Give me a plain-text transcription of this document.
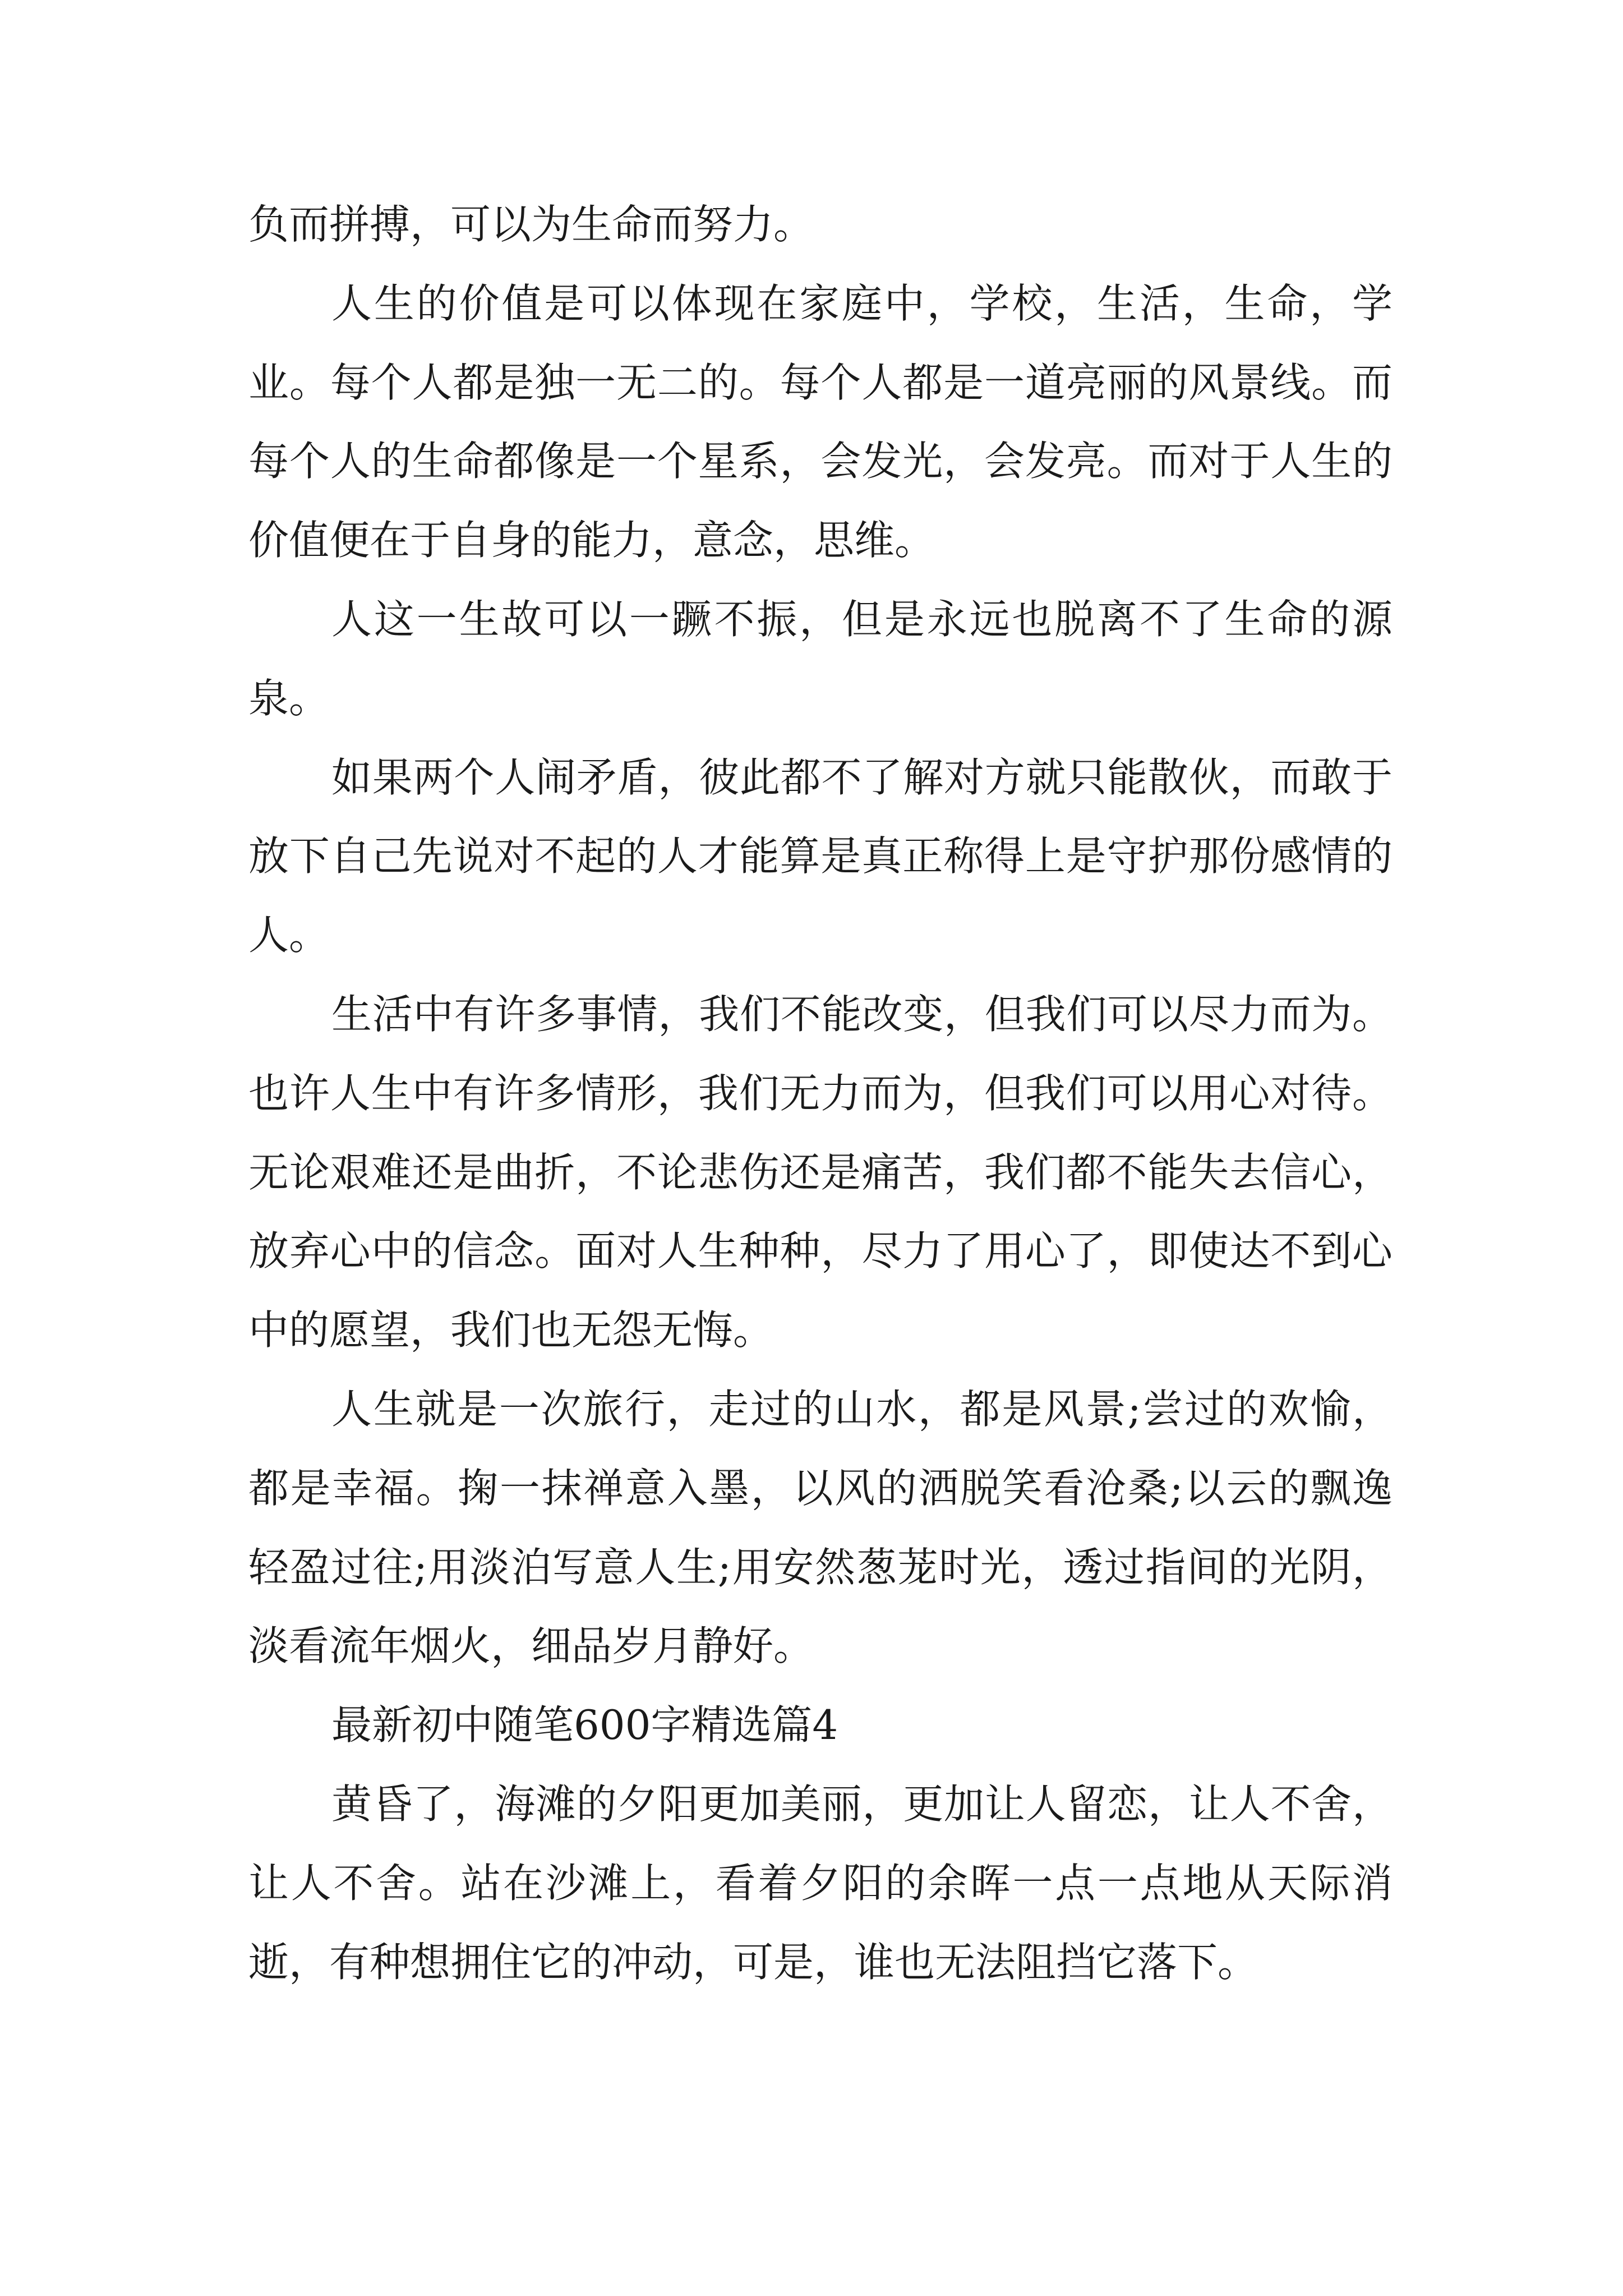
负而拼搏，可以为生命而努力。

人生的价值是可以体现在家庭中，学校，生活，生命，学业。每个人都是独一无二的。每个人都是一道亮丽的风景线。而每个人的生命都像是一个星系，会发光，会发亮。而对于人生的价值便在于自身的能力，意念，思维。

人这一生故可以一蹶不振，但是永远也脱离不了生命的源泉。

如果两个人闹矛盾，彼此都不了解对方就只能散伙，而敢于放下自己先说对不起的人才能算是真正称得上是守护那份感情的人。

生活中有许多事情，我们不能改变，但我们可以尽力而为。也许人生中有许多情形，我们无力而为，但我们可以用心对待。无论艰难还是曲折，不论悲伤还是痛苦，我们都不能失去信心，放弃心中的信念。面对人生种种，尽力了用心了，即使达不到心中的愿望，我们也无怨无悔。

人生就是一次旅行，走过的山水，都是风景;尝过的欢愉，都是幸福。掬一抹禅意入墨，以风的洒脱笑看沧桑;以云的飘逸轻盈过往;用淡泊写意人生;用安然葱茏时光，透过指间的光阴，淡看流年烟火，细品岁月静好。

最新初中随笔600字精选篇4

黄昏了，海滩的夕阳更加美丽，更加让人留恋，让人不舍，让人不舍。站在沙滩上，看着夕阳的余晖一点一点地从天际消逝，有种想拥住它的冲动，可是，谁也无法阻挡它落下。
